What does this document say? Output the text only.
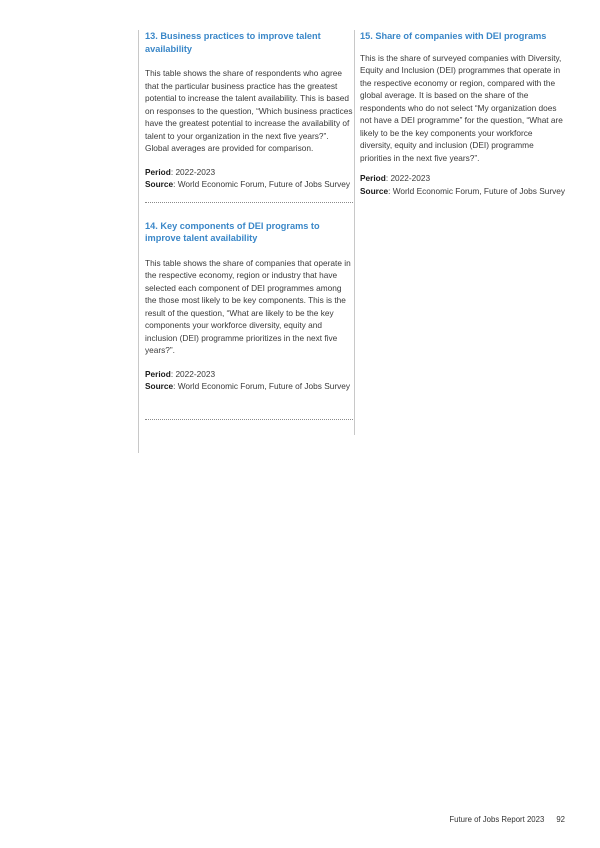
13. Business practices to improve talent availability

This table shows the share of respondents who agree that the particular business practice has the greatest potential to increase the talent availability. This is based on responses to the question, “Which business practices have the greatest potential to increase the availability of talent to your organization in the next five years?”. Global averages are provided for comparison.

Period: 2022-2023
Source: World Economic Forum, Future of Jobs Survey
14. Key components of DEI programs to improve talent availability

This table shows the share of companies that operate in the respective economy, region or industry that have selected each component of DEI programmes among the those most likely to be key components. This is the result of the question, “What are likely to be the key components your workforce diversity, equity and inclusion (DEI) programme prioritizes in the next five years?”.

Period: 2022-2023
Source: World Economic Forum, Future of Jobs Survey
15. Share of companies with DEI programs

This is the share of surveyed companies with Diversity, Equity and Inclusion (DEI) programmes that operate in the respective economy or region, compared with the global average. It is based on the share of the respondents who do not select “My organization does not have a DEI programme” for the question, “What are likely to be the key components your workforce diversity, equity and inclusion (DEI) programme priorities in the next five years?”.

Period: 2022-2023
Source: World Economic Forum, Future of Jobs Survey
Future of Jobs Report 2023 92
